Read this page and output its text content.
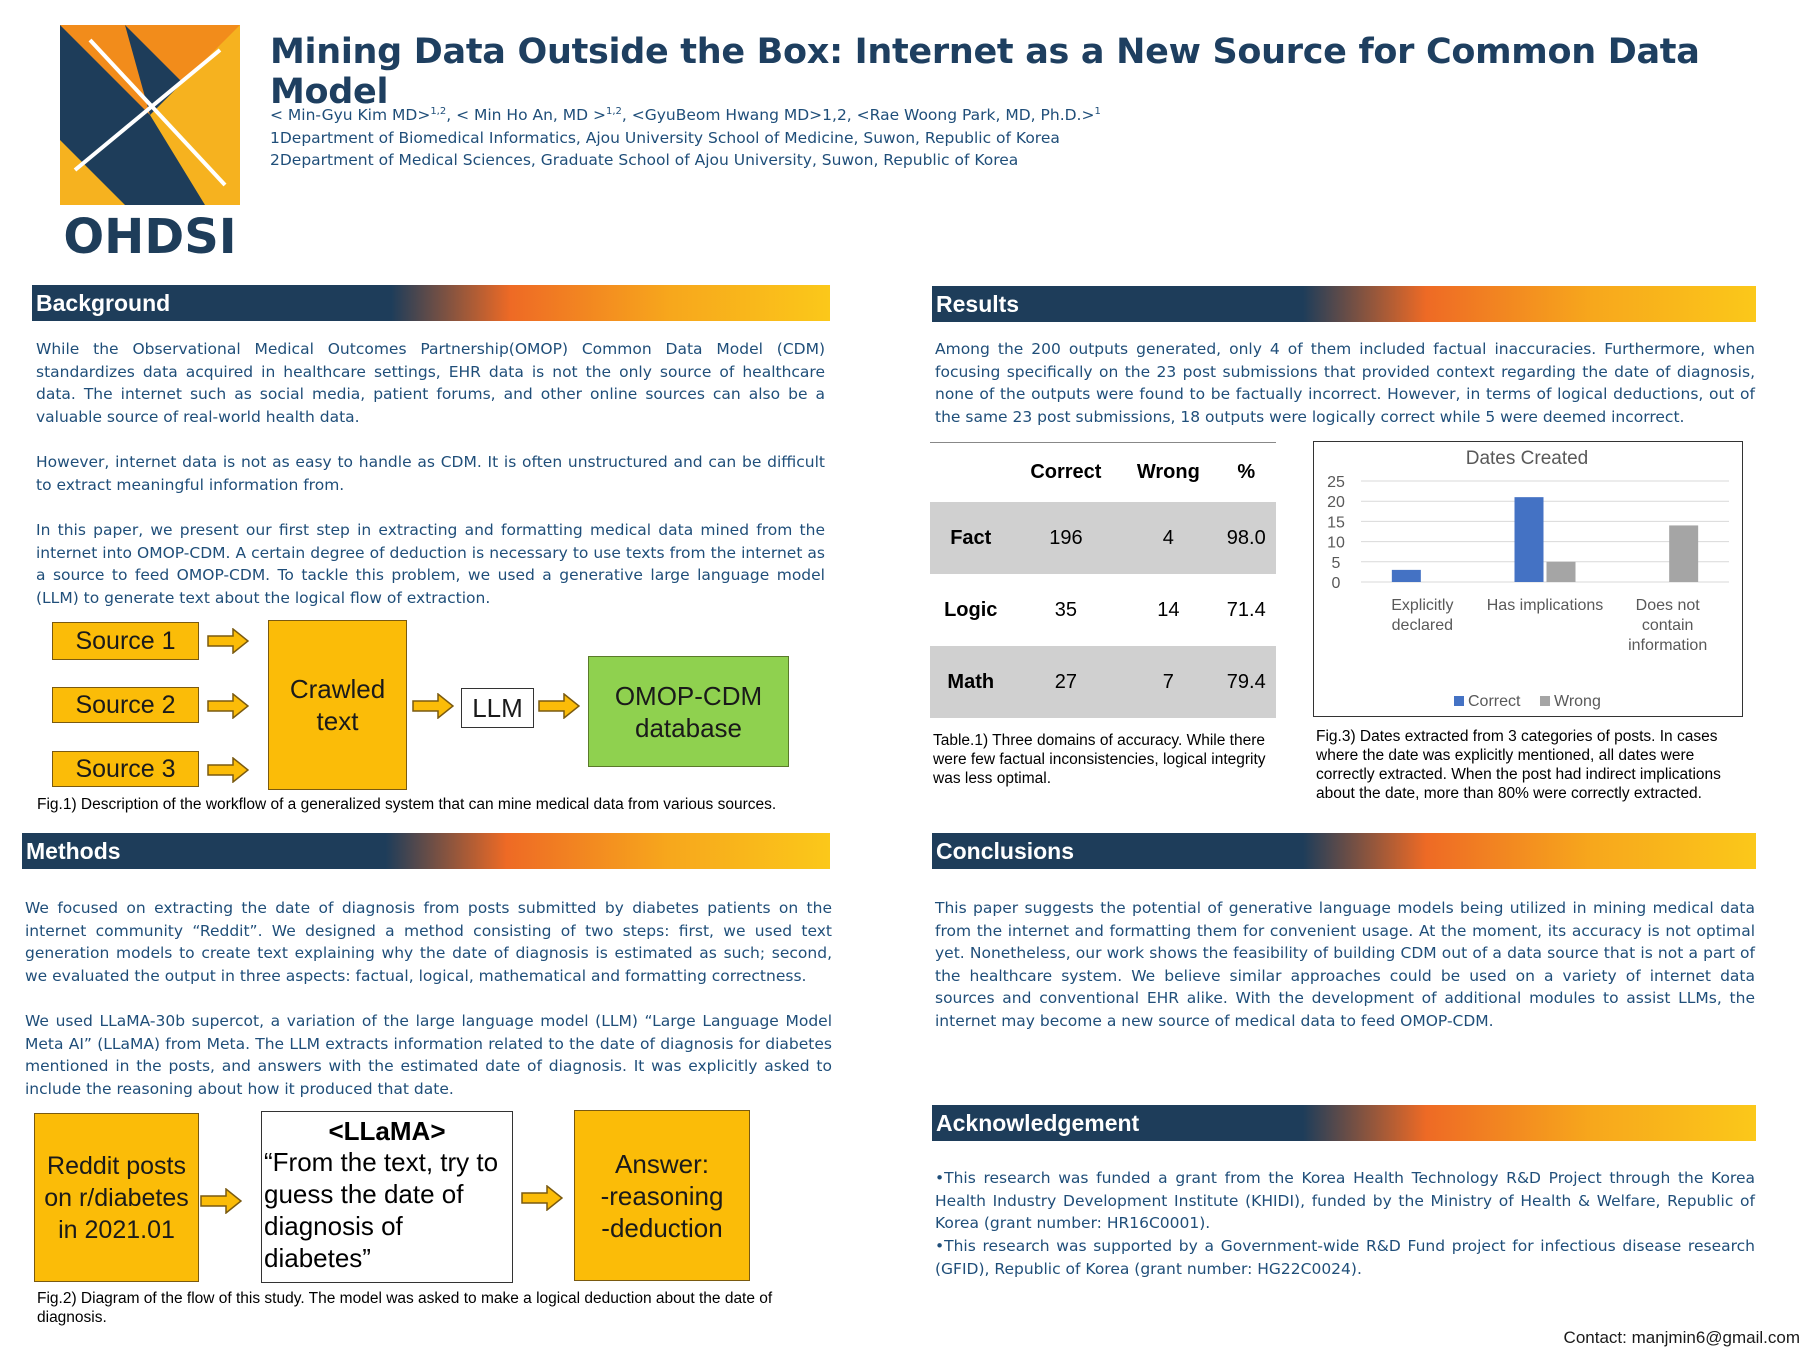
OHDSI
Mining Data Outside the Box: Internet as a New Source for Common Data Model
< Min-Gyu Kim MD>$^{1,2}$, < Min Ho An, MD >$^{1,2}$, <GyuBeom Hwang MD>1,2, <Rae Woong Park, MD, Ph.D.>$^1$
1Department of Biomedical Informatics, Ajou University School of Medicine, Suwon, Republic of Korea
2Department of Medical Sciences, Graduate School of Ajou University, Suwon, Republic of Korea
Background
While the Observational Medical Outcomes Partnership(OMOP) Common Data Model (CDM) standardizes data acquired in healthcare settings, EHR data is not the only source of healthcare data. The internet such as social media, patient forums, and other online sources can also be a valuable source of real-world health data.
However, internet data is not as easy to handle as CDM. It is often unstructured and can be difficult to extract meaningful information from.
In this paper, we present our first step in extracting and formatting medical data mined from the internet into OMOP-CDM. A certain degree of deduction is necessary to use texts from the internet as a source to feed OMOP-CDM. To tackle this problem, we used a generative large language model (LLM) to generate text about the logical flow of extraction.
Source 1
Source 2
Source 3
Crawled text	LLM	OMOP-CDM database
Fig.1) Description of the workflow of a generalized system that can mine medical data from various sources.
Methods
We focused on extracting the date of diagnosis from posts submitted by diabetes patients on the internet community “Reddit”. We designed a method consisting of two steps: first, we used text generation models to create text explaining why the date of diagnosis is estimated as such; second, we evaluated the output in three aspects: factual, logical, mathematical and formatting correctness.
We used LLaMA-30b supercot, a variation of the large language model (LLM) “Large Language Model Meta AI” (LLaMA) from Meta. The LLM extracts information related to the date of diagnosis for diabetes mentioned in the posts, and answers with the estimated date of diagnosis. It was explicitly asked to include the reasoning about how it produced that date.
Reddit posts on r/diabetes in 2021.01
<LLaMA>
“From the text, try to guess the date of diagnosis of diabetes”
Answer:
-reasoning
-deduction
Fig.2) Diagram of the flow of this study. The model was asked to make a logical deduction about the date of diagnosis.
Results
Among the 200 outputs generated, only 4 of them included factual inaccuracies. Furthermore, when focusing specifically on the 23 post submissions that provided context regarding the date of diagnosis, none of the outputs were found to be factually incorrect. However, in terms of logical deductions, out of the same 23 post submissions, 18 outputs were logically correct while 5 were deemed incorrect.
	Correct	Wrong	%
Fact	196	4	98.0
Logic	35	14	71.4
Math	27	7	79.4
Table.1) Three domains of accuracy. While there were few factual inconsistencies, logical integrity was less optimal.
Dates Created
0
5
10
15
20
25
Explicitly
declared
Has implications Does not
contain
information
Correct Wrong
Fig.3) Dates extracted from 3 categories of posts. In cases where the date was explicitly mentioned, all dates were correctly extracted. When the post had indirect implications about the date, more than 80% were correctly extracted.
Conclusions
This paper suggests the potential of generative language models being utilized in mining medical data from the internet and formatting them for convenient usage. At the moment, its accuracy is not optimal yet. Nonetheless, our work shows the feasibility of building CDM out of a data source that is not a part of the healthcare system. We believe similar approaches could be used on a variety of internet data sources and conventional EHR alike. With the development of additional modules to assist LLMs, the internet may become a new source of medical data to feed OMOP-CDM.
Acknowledgement
•This research was funded a grant from the Korea Health Technology R&D Project through the Korea Health Industry Development Institute (KHIDI), funded by the Ministry of Health & Welfare, Republic of Korea (grant number: HR16C0001).
•This research was supported by a Government-wide R&D Fund project for infectious disease research (GFID), Republic of Korea (grant number: HG22C0024).
Contact: manjmin6@gmail.com
